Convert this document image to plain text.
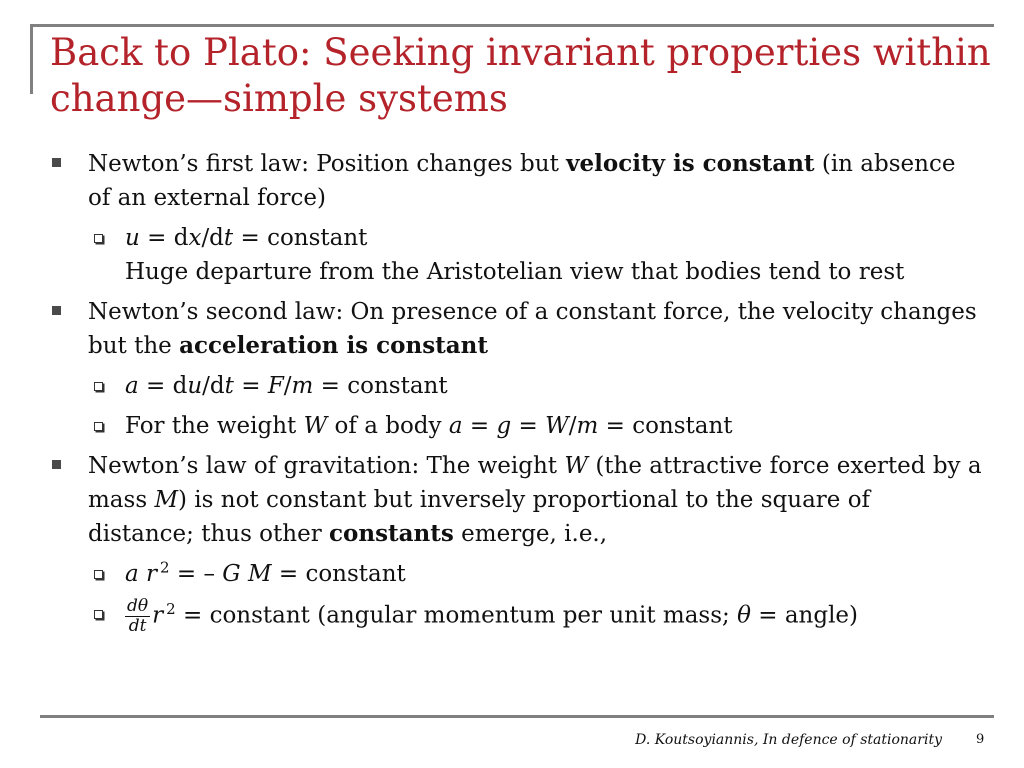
Back to Plato: Seeking invariant properties within change—simple systems
Newton’s first law: Position changes but velocity is constant (in absence of an external force)
u = dx/dt = constant
Huge departure from the Aristotelian view that bodies tend to rest
Newton’s second law: On presence of a constant force, the velocity changes but the acceleration is constant
a = du/dt = F/m = constant
For the weight W of a body a = g = W/m = constant
Newton’s law of gravitation: The weight W (the attractive force exerted by a mass M) is not constant but inversely proportional to the square of distance; thus other constants emerge, i.e.,
a r $^2$ = – G M = constant
$\frac{d\theta}{dt}$ r $^2$ = constant (angular momentum per unit mass; θ = angle)
D. Koutsoyiannis, In defence of stationarity	9
